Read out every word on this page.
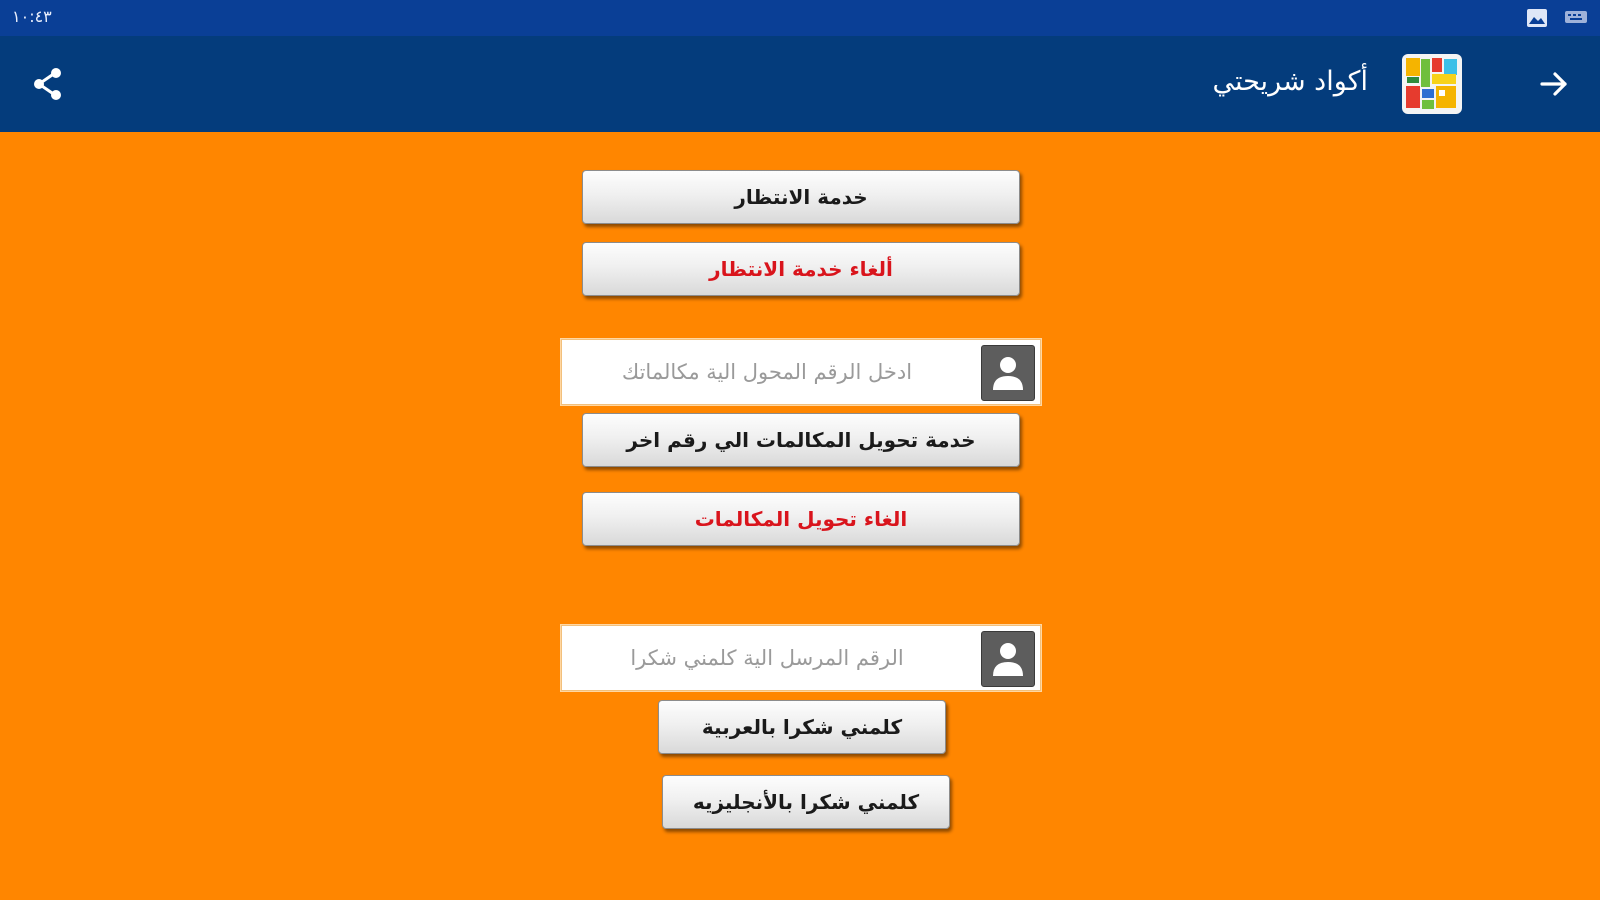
١٠:٤٣
أكواد شريحتي
خدمة الانتظار
ألغاء خدمة الانتظار
ادخل الرقم المحول الية مكالماتك
خدمة تحويل المكالمات الي رقم اخر
الغاء تحويل المكالمات
الرقم المرسل الية كلمني شكرا
كلمني شكرا بالعربية
كلمني شكرا بالأنجليزيه
